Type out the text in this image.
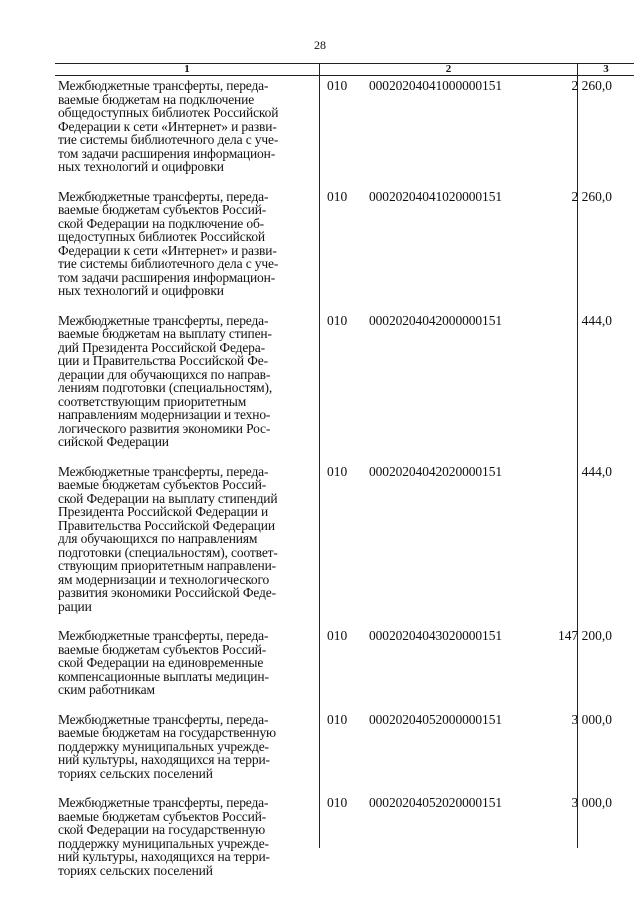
28
1	2	3
Межбюджетные трансферты, переда-
ваемые бюджетам на подключение
общедоступных библиотек Российской
Федерации к сети «Интернет» и разви-
тие системы библиотечного дела с уче-
том задачи расширения информацион-
ных технологий и оцифровки
010 00020204041000000151	2 260,0
Межбюджетные трансферты, переда-
ваемые бюджетам субъектов Россий-
ской Федерации на подключение об-
щедоступных библиотек Российской
Федерации к сети «Интернет» и разви-
тие системы библиотечного дела с уче-
том задачи расширения информацион-
ных технологий и оцифровки
010 00020204041020000151	2 260,0
Межбюджетные трансферты, переда-
ваемые бюджетам на выплату стипен-
дий Президента Российской Федера-
ции и Правительства Российской Фе-
дерации для обучающихся по направ-
лениям подготовки (специальностям),
соответствующим приоритетным
направлениям модернизации и техно-
логического развития экономики Рос-
сийской Федерации
010 00020204042000000151	444,0
Межбюджетные трансферты, переда-
ваемые бюджетам субъектов Россий-
ской Федерации на выплату стипендий
Президента Российской Федерации и
Правительства Российской Федерации
для обучающихся по направлениям
подготовки (специальностям), соответ-
ствующим приоритетным направлени-
ям модернизации и технологического
развития экономики Российской Феде-
рации
010 00020204042020000151	444,0
Межбюджетные трансферты, переда-
ваемые бюджетам субъектов Россий-
ской Федерации на единовременные
компенсационные выплаты медицин-
ским работникам
010 00020204043020000151	147 200,0
Межбюджетные трансферты, переда-
ваемые бюджетам на государственную
поддержку муниципальных учрежде-
ний культуры, находящихся на терри-
ториях сельских поселений
010 00020204052000000151	3 000,0
Межбюджетные трансферты, переда-
ваемые бюджетам субъектов Россий-
ской Федерации на государственную
поддержку муниципальных учрежде-
ний культуры, находящихся на терри-
ториях сельских поселений
010 00020204052020000151	3 000,0
